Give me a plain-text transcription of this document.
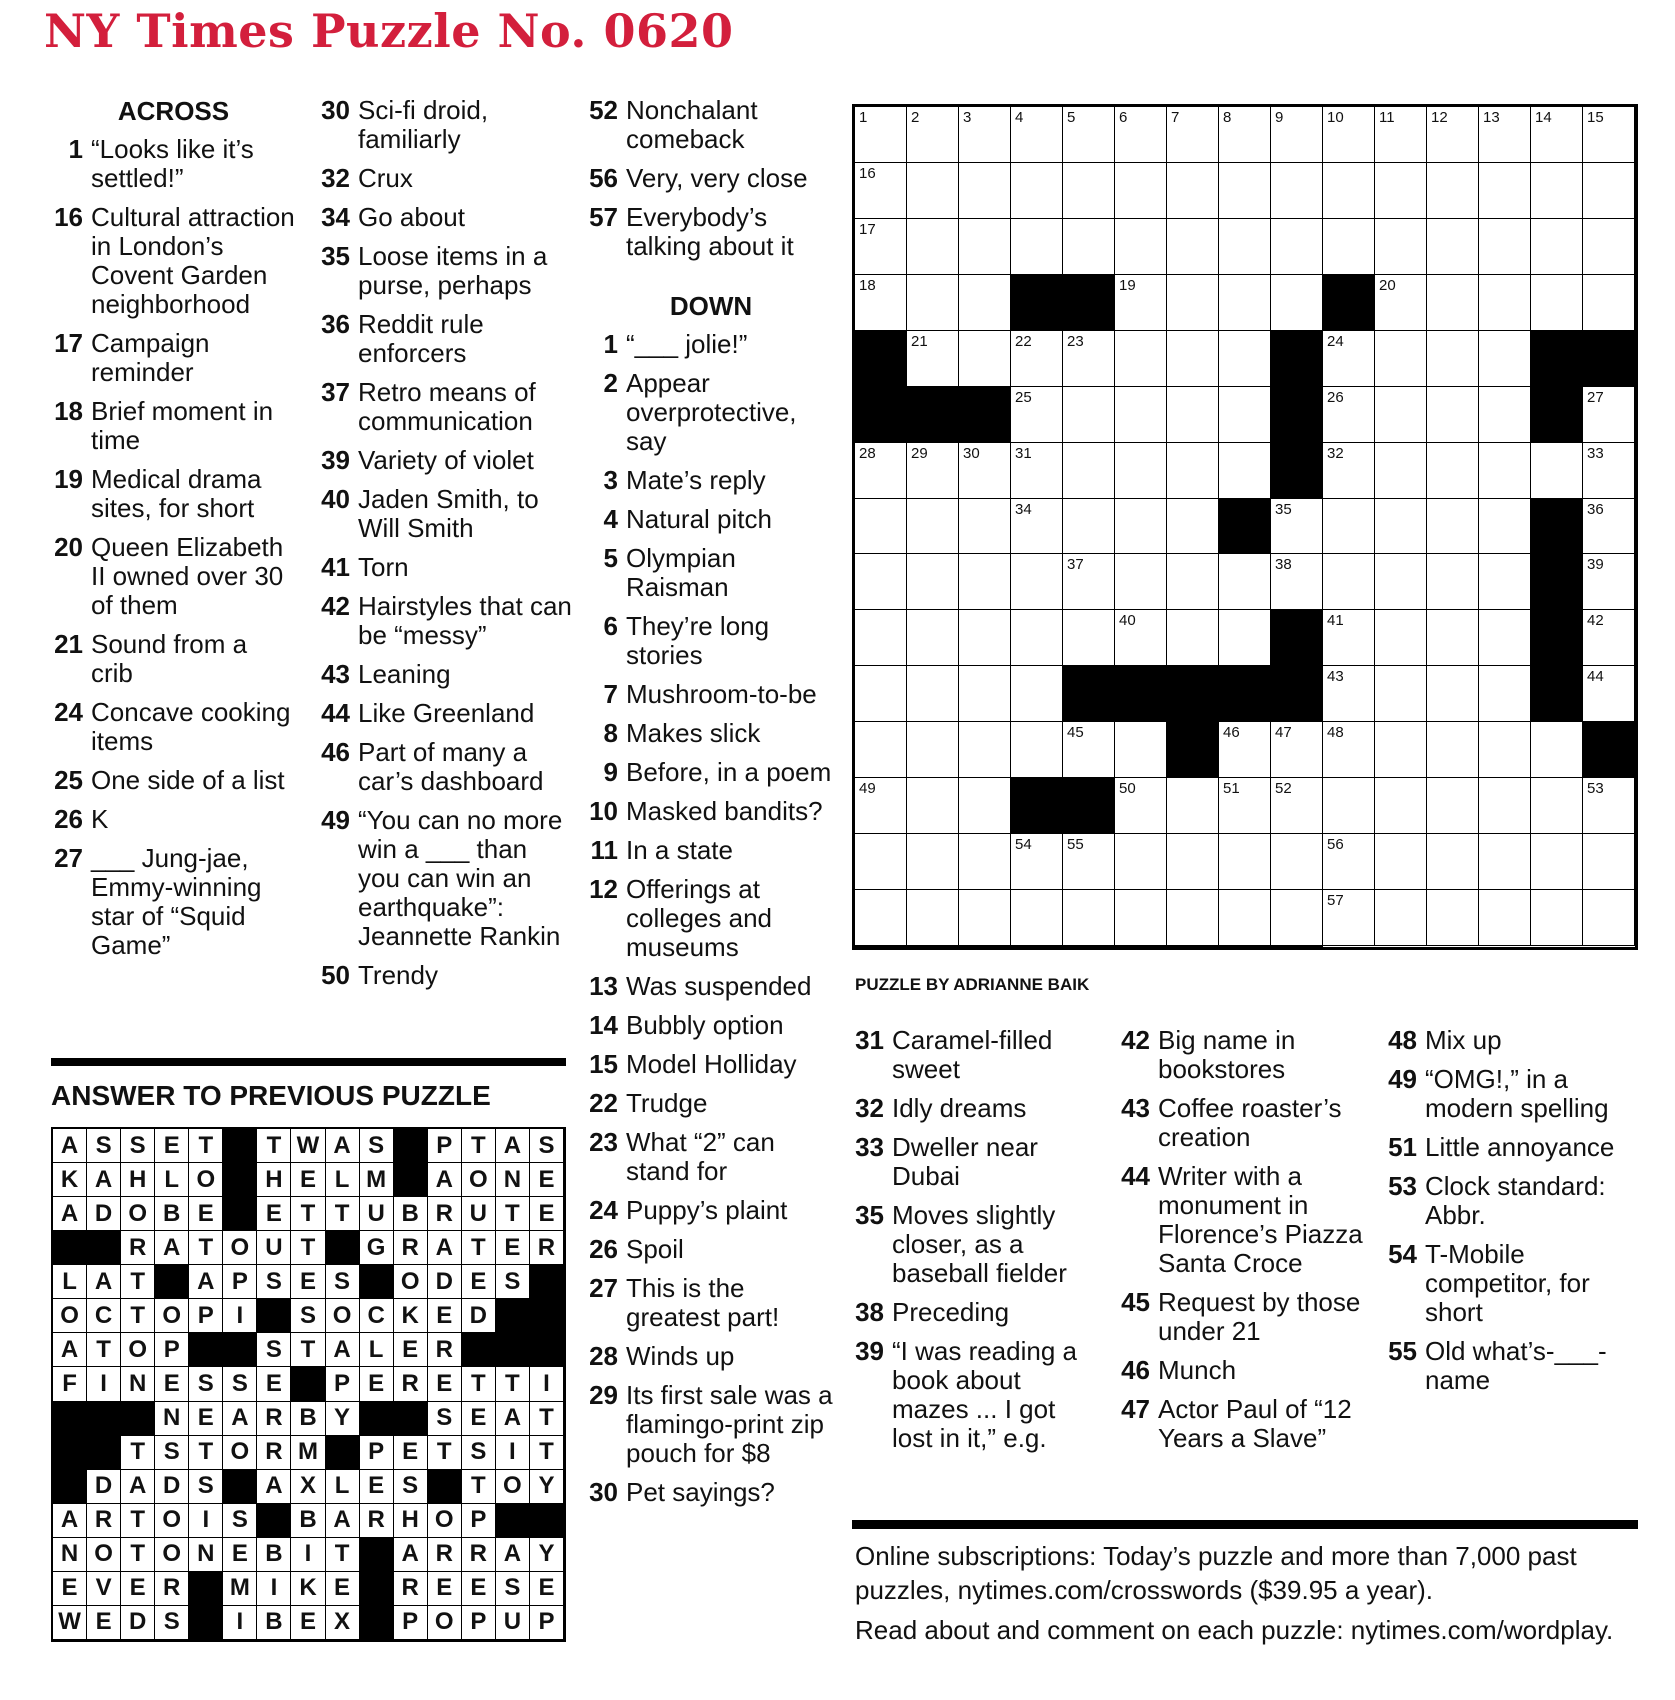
NY Times Puzzle No. 0620
ACROSS
1 “Looks like it’s settled!”
16 Cultural attraction in London’s Covent Garden neighborhood
17 Campaign reminder
18 Brief moment in time
19 Medical drama sites, for short
20 Queen Elizabeth II owned over 30 of them
21 Sound from a crib
24 Concave cooking items
25 One side of a list
26 K
27 ___ Jung-jae, Emmy-winning star of “Squid Game”
30 Sci-fi droid, familiarly
32 Crux
34 Go about
35 Loose items in a purse, perhaps
36 Reddit rule enforcers
37 Retro means of communication
39 Variety of violet
40 Jaden Smith, to Will Smith
41 Torn
42 Hairstyles that can be “messy”
43 Leaning
44 Like Greenland
46 Part of many a car’s dashboard
49 “You can no more win a ___ than you can win an earthquake”: Jeannette Rankin
50 Trendy
52 Nonchalant comeback
56 Very, very close
57 Everybody’s talking about it
DOWN
1 “___ jolie!”
2 Appear overprotective, say
3 Mate’s reply
4 Natural pitch
5 Olympian Raisman
6 They’re long stories
7 Mushroom-to-be
8 Makes slick
9 Before, in a poem
10 Masked bandits?
11 In a state
12 Offerings at colleges and museums
13 Was suspended
14 Bubbly option
15 Model Holliday
22 Trudge
23 What “2” can stand for
24 Puppy’s plaint
26 Spoil
27 This is the greatest part!
28 Winds up
29 Its first sale was a flamingo-print zip pouch for $8
30 Pet sayings?
31 Caramel-filled sweet
32 Idly dreams
33 Dweller near Dubai
35 Moves slightly closer, as a baseball fielder
38 Preceding
39 “I was reading a book about mazes ... I got lost in it,” e.g.
42 Big name in bookstores
43 Coffee roaster’s creation
44 Writer with a monument in Florence’s Piazza Santa Croce
45 Request by those under 21
46 Munch
47 Actor Paul of “12 Years a Slave”
48 Mix up
49 “OMG!,” in a modern spelling
51 Little annoyance
53 Clock standard: Abbr.
54 T-Mobile competitor, for short
55 Old what’s-___-name
ANSWER TO PREVIOUS PUZZLE
A S S E T	T W A S	P T A S
K A H L O	H E L M	A O N E
A D O B E	E T T U B R U T E
R A T O U T	G R A T E R
L A T	A P S E S	O D E S
O C T O P I	S O C K E D
A T O P	S T A L E R
F I N E S S E	P E R E T T I
N E A R B Y	S E A T
T S T O R M	P E T S I T
D A D S	A X L E S	T O Y
A R T O I S	B A R H O P
N O T O N E B I T	A R R A Y
E V E R	M I K E	R E E S E
W E D S	I B E X	P O P U P
1	2	3	4	5	6	7	8	9	10 11 12 13 14 15
16
17
18	19	20
21	22 23	24
25	26	27
28 29 30 31	32	33
34	35	36
37	38	39
40	41	42
43	44
45	46 47 48
49	50	51 52	53
54 55	56
57
PUZZLE BY ADRIANNE BAIK
Online subscriptions: Today’s puzzle and more than 7,000 past
puzzles, nytimes.com/crosswords ($39.95 a year).
Read about and comment on each puzzle: nytimes.com/wordplay.
